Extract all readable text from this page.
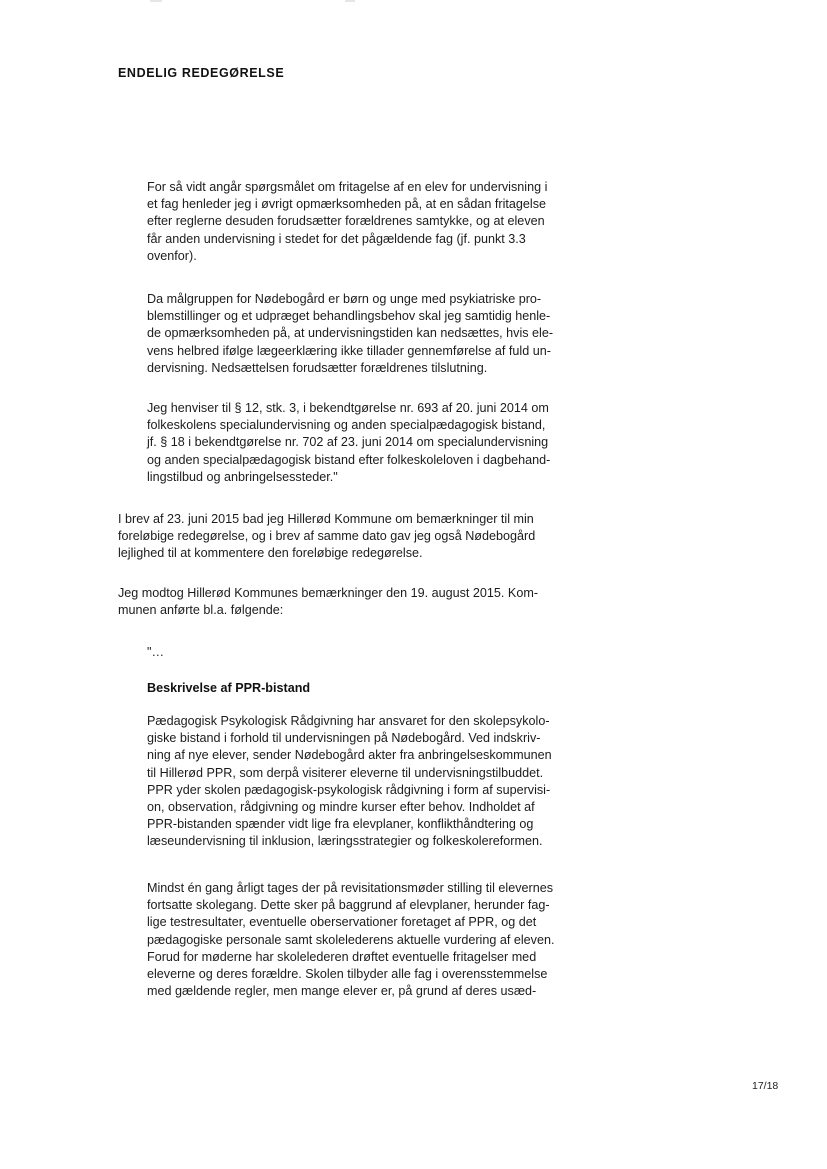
ENDELIG REDEGØRELSE
For så vidt angår spørgsmålet om fritagelse af en elev for undervisning i
et fag henleder jeg i øvrigt opmærksomheden på, at en sådan fritagelse
efter reglerne desuden forudsætter forældrenes samtykke, og at eleven
får anden undervisning i stedet for det pågældende fag (jf. punkt 3.3
ovenfor).
Da målgruppen for Nødebogård er børn og unge med psykiatriske pro-
blemstillinger og et udpræget behandlingsbehov skal jeg samtidig henle-
de opmærksomheden på, at undervisningstiden kan nedsættes, hvis ele-
vens helbred ifølge lægeerklæring ikke tillader gennemførelse af fuld un-
dervisning. Nedsættelsen forudsætter forældrenes tilslutning.
Jeg henviser til § 12, stk. 3, i bekendtgørelse nr. 693 af 20. juni 2014 om
folkeskolens specialundervisning og anden specialpædagogisk bistand,
jf. § 18 i bekendtgørelse nr. 702 af 23. juni 2014 om specialundervisning
og anden specialpædagogisk bistand efter folkeskoleloven i dagbehand-
lingstilbud og anbringelsessteder."
I brev af 23. juni 2015 bad jeg Hillerød Kommune om bemærkninger til min
foreløbige redegørelse, og i brev af samme dato gav jeg også Nødebogård
lejlighed til at kommentere den foreløbige redegørelse.
Jeg modtog Hillerød Kommunes bemærkninger den 19. august 2015. Kom-
munen anførte bl.a. følgende:
"…
Beskrivelse af PPR-bistand
Pædagogisk Psykologisk Rådgivning har ansvaret for den skolepsykolo-
giske bistand i forhold til undervisningen på Nødebogård. Ved indskriv-
ning af nye elever, sender Nødebogård akter fra anbringelseskommunen
til Hillerød PPR, som derpå visiterer eleverne til undervisningstilbuddet.
PPR yder skolen pædagogisk-psykologisk rådgivning i form af supervisi-
on, observation, rådgivning og mindre kurser efter behov. Indholdet af
PPR-bistanden spænder vidt lige fra elevplaner, konflikthåndtering og
læseundervisning til inklusion, læringsstrategier og folkeskolereformen.
Mindst én gang årligt tages der på revisitationsmøder stilling til elevernes
fortsatte skolegang. Dette sker på baggrund af elevplaner, herunder fag-
lige testresultater, eventuelle oberservationer foretaget af PPR, og det
pædagogiske personale samt skolelederens aktuelle vurdering af eleven.
Forud for møderne har skolelederen drøftet eventuelle fritagelser med
eleverne og deres forældre. Skolen tilbyder alle fag i overensstemmelse
med gældende regler, men mange elever er, på grund af deres usæd-
17/18
